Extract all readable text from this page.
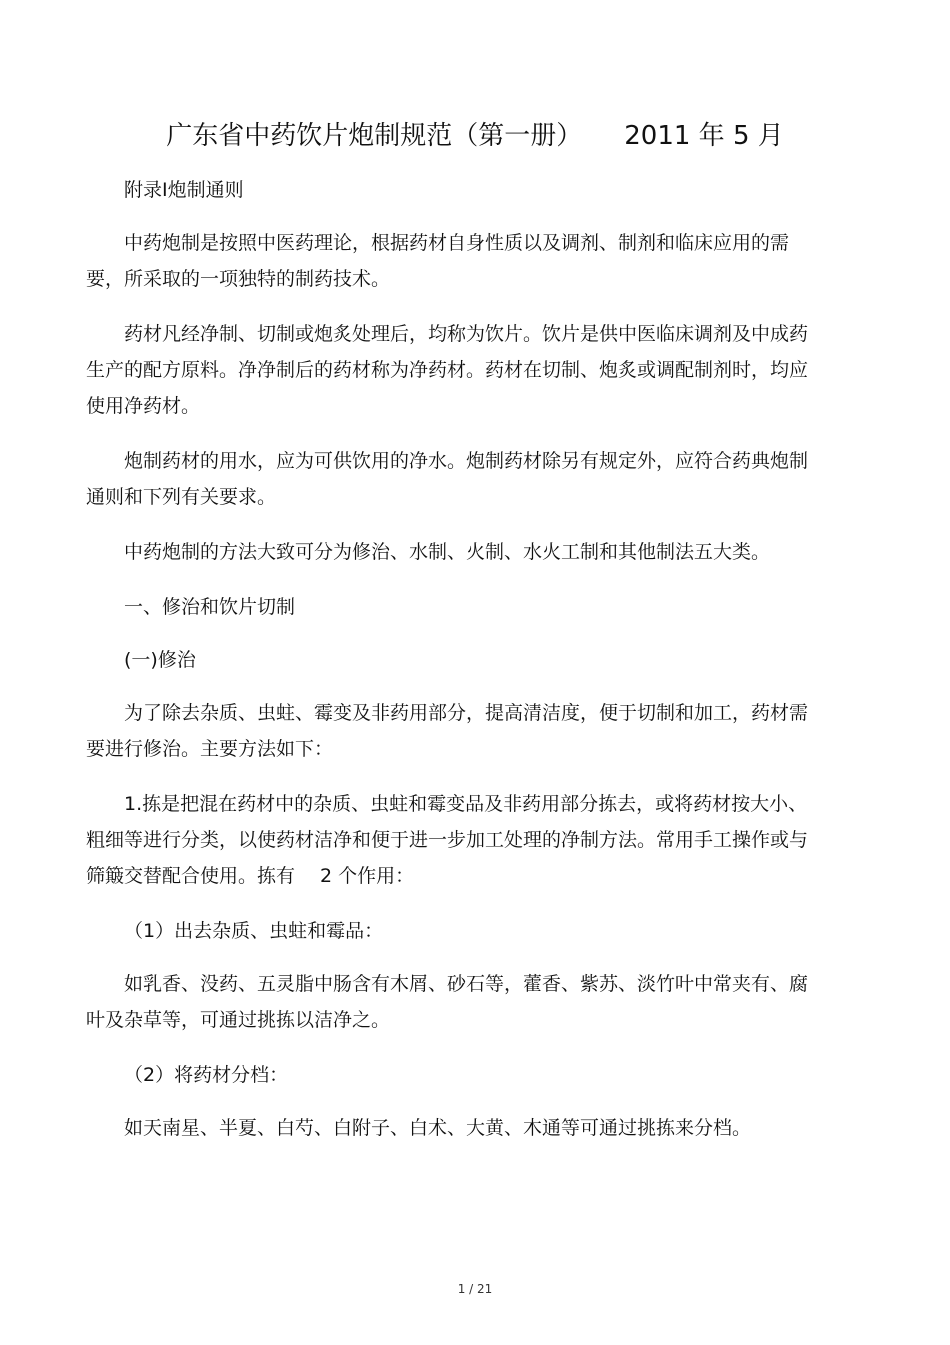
广东省中药饮片炮制规范（第一册） 2011 年 5 月

附录Ⅰ炮制通则

中药炮制是按照中医药理论，根据药材自身性质以及调剂、制剂和临床应用的需要，所采取的一项独特的制药技术。

药材凡经净制、切制或炮炙处理后，均称为饮片。饮片是供中医临床调剂及中成药生产的配方原料。净净制后的药材称为净药材。药材在切制、炮炙或调配制剂时，均应使用净药材。

炮制药材的用水，应为可供饮用的净水。炮制药材除另有规定外，应符合药典炮制通则和下列有关要求。

中药炮制的方法大致可分为修治、水制、火制、水火工制和其他制法五大类。

一、修治和饮片切制

(一)修治

为了除去杂质、虫蛀、霉变及非药用部分，提高清洁度，便于切制和加工，药材需要进行修治。主要方法如下：

1.拣是把混在药材中的杂质、虫蛀和霉变品及非药用部分拣去，或将药材按大小、粗细等进行分类，以使药材洁净和便于进一步加工处理的净制方法。常用手工操作或与筛簸交替配合使用。拣有　 2 个作用：

（1）出去杂质、虫蛀和霉品：

如乳香、没药、五灵脂中肠含有木屑、砂石等，藿香、紫苏、淡竹叶中常夹有、腐叶及杂草等，可通过挑拣以洁净之。

（2）将药材分档：

如天南星、半夏、白芍、白附子、白术、大黄、木通等可通过挑拣来分档。

1 / 21
